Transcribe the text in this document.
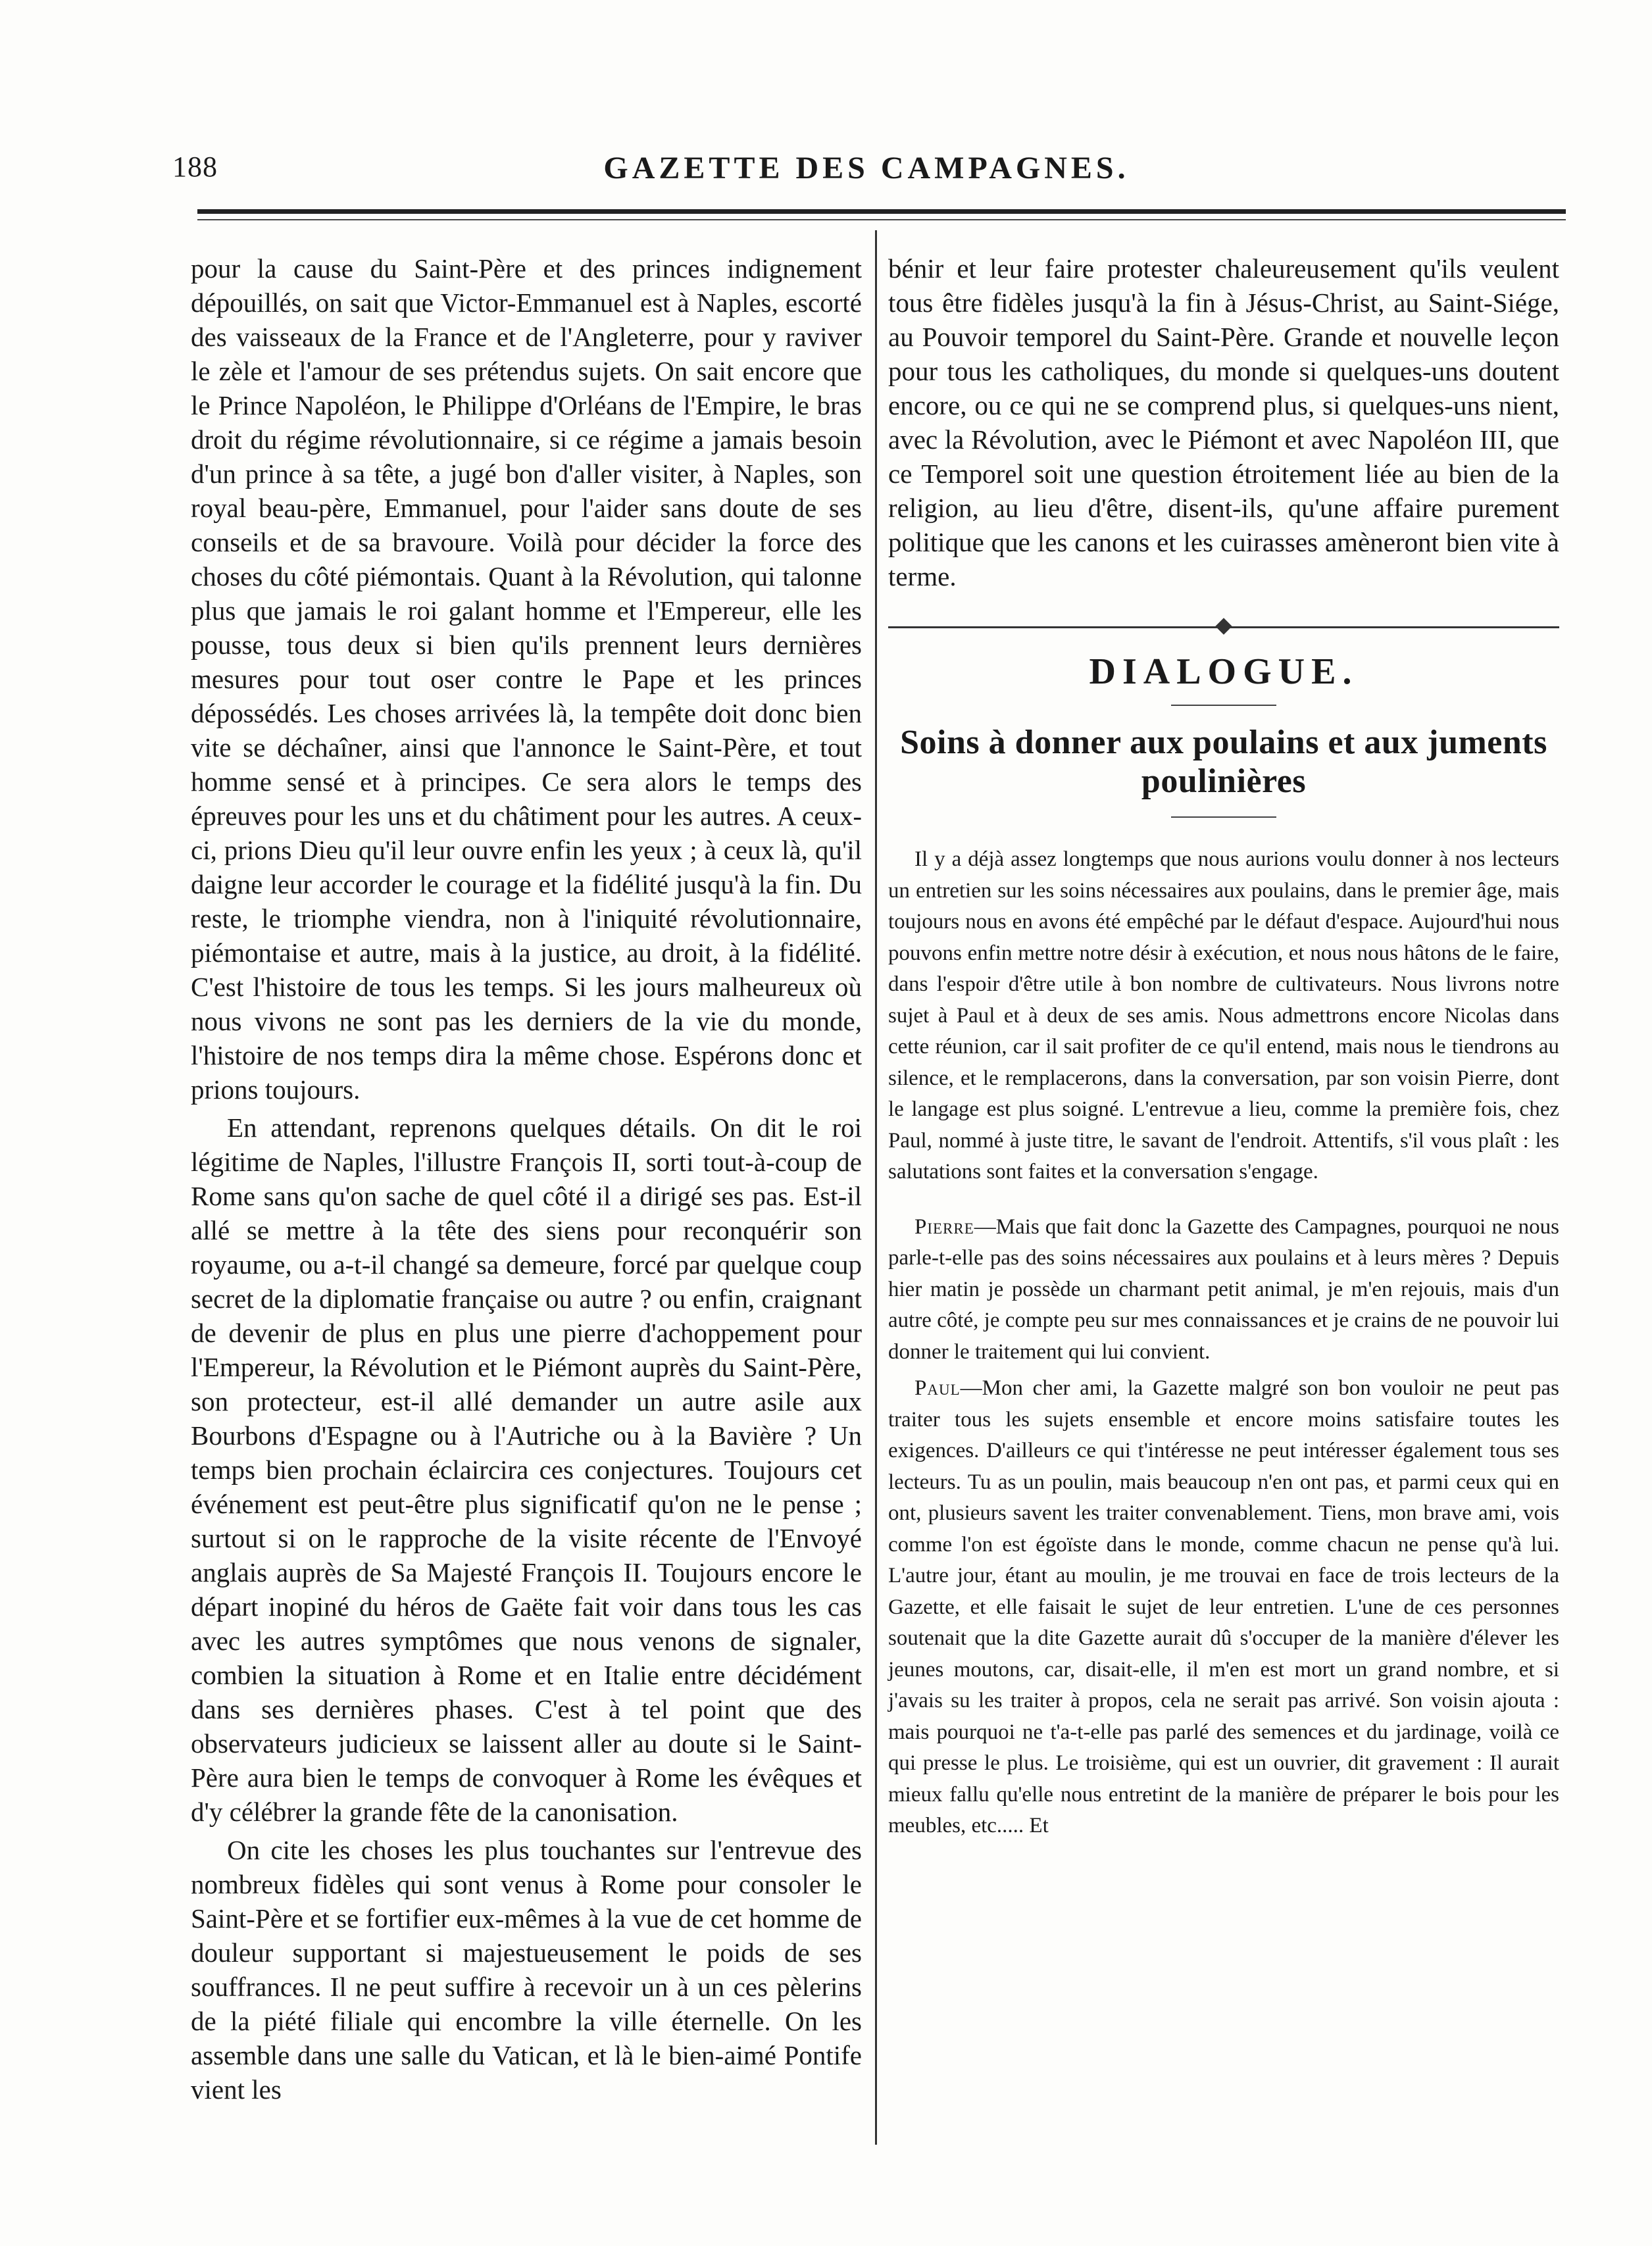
188	GAZETTE DES CAMPAGNES.

pour la cause du Saint-Père et des princes indignement dépouillés, on sait que Victor-Emmanuel est à Naples, escorté des vaisseaux de la France et de l'Angleterre, pour y raviver le zèle et l'amour de ses prétendus sujets. On sait encore que le Prince Napoléon, le Philippe d'Orléans de l'Empire, le bras droit du régime révolutionnaire, si ce régime a jamais besoin d'un prince à sa tête, a jugé bon d'aller visiter, à Naples, son royal beau-père, Emmanuel, pour l'aider sans doute de ses conseils et de sa bravoure. Voilà pour décider la force des choses du côté piémontais. Quant à la Révolution, qui talonne plus que jamais le roi galant homme et l'Empereur, elle les pousse, tous deux si bien qu'ils prennent leurs dernières mesures pour tout oser contre le Pape et les princes dépossédés. Les choses arrivées là, la tempête doit donc bien vite se déchaîner, ainsi que l'annonce le Saint-Père, et tout homme sensé et à principes. Ce sera alors le temps des épreuves pour les uns et du châtiment pour les autres. A ceux-ci, prions Dieu qu'il leur ouvre enfin les yeux ; à ceux là, qu'il daigne leur accorder le courage et la fidélité jusqu'à la fin. Du reste, le triomphe viendra, non à l'iniquité révolutionnaire, piémontaise et autre, mais à la justice, au droit, à la fidélité. C'est l'histoire de tous les temps. Si les jours malheureux où nous vivons ne sont pas les derniers de la vie du monde, l'histoire de nos temps dira la même chose. Espérons donc et prions toujours.

En attendant, reprenons quelques détails. On dit le roi légitime de Naples, l'illustre François II, sorti tout-à-coup de Rome sans qu'on sache de quel côté il a dirigé ses pas. Est-il allé se mettre à la tête des siens pour reconquérir son royaume, ou a-t-il changé sa demeure, forcé par quelque coup secret de la diplomatie française ou autre ? ou enfin, craignant de devenir de plus en plus une pierre d'achoppement pour l'Empereur, la Révolution et le Piémont auprès du Saint-Père, son protecteur, est-il allé demander un autre asile aux Bourbons d'Espagne ou à l'Autriche ou à la Bavière ? Un temps bien prochain éclaircira ces conjectures. Toujours cet événement est peut-être plus significatif qu'on ne le pense ; surtout si on le rapproche de la visite récente de l'Envoyé anglais auprès de Sa Majesté François II. Toujours encore le départ inopiné du héros de Gaëte fait voir dans tous les cas avec les autres symptômes que nous venons de signaler, combien la situation à Rome et en Italie entre décidément dans ses dernières phases. C'est à tel point que des observateurs judicieux se laissent aller au doute si le Saint-Père aura bien le temps de convoquer à Rome les évêques et d'y célébrer la grande fête de la canonisation.

On cite les choses les plus touchantes sur l'entrevue des nombreux fidèles qui sont venus à Rome pour consoler le Saint-Père et se fortifier eux-mêmes à la vue de cet homme de douleur supportant si majestueusement le poids de ses souffrances. Il ne peut suffire à recevoir un à un ces pèlerins de la piété filiale qui encombre la ville éternelle. On les assemble dans une salle du Vatican, et là le bien-aimé Pontife vient les

bénir et leur faire protester chaleureusement qu'ils veulent tous être fidèles jusqu'à la fin à Jésus-Christ, au Saint-Siége, au Pouvoir temporel du Saint-Père. Grande et nouvelle leçon pour tous les catholiques, du monde si quelques-uns doutent encore, ou ce qui ne se comprend plus, si quelques-uns nient, avec la Révolution, avec le Piémont et avec Napoléon III, que ce Temporel soit une question étroitement liée au bien de la religion, au lieu d'être, disent-ils, qu'une affaire purement politique que les canons et les cuirasses amèneront bien vite à terme.

DIALOGUE.
Soins à donner aux poulains et aux juments poulinières

Il y a déjà assez longtemps que nous aurions voulu donner à nos lecteurs un entretien sur les soins nécessaires aux poulains, dans le premier âge, mais toujours nous en avons été empêché par le défaut d'espace. Aujourd'hui nous pouvons enfin mettre notre désir à exécution, et nous nous hâtons de le faire, dans l'espoir d'être utile à bon nombre de cultivateurs. Nous livrons notre sujet à Paul et à deux de ses amis. Nous admettrons encore Nicolas dans cette réunion, car il sait profiter de ce qu'il entend, mais nous le tiendrons au silence, et le remplacerons, dans la conversation, par son voisin Pierre, dont le langage est plus soigné. L'entrevue a lieu, comme la première fois, chez Paul, nommé à juste titre, le savant de l'endroit. Attentifs, s'il vous plaît : les salutations sont faites et la conversation s'engage.

Pierre—Mais que fait donc la Gazette des Campagnes, pourquoi ne nous parle-t-elle pas des soins nécessaires aux poulains et à leurs mères ? Depuis hier matin je possède un charmant petit animal, je m'en rejouis, mais d'un autre côté, je compte peu sur mes connaissances et je crains de ne pouvoir lui donner le traitement qui lui convient.

Paul—Mon cher ami, la Gazette malgré son bon vouloir ne peut pas traiter tous les sujets ensemble et encore moins satisfaire toutes les exigences. D'ailleurs ce qui t'intéresse ne peut intéresser également tous ses lecteurs. Tu as un poulin, mais beaucoup n'en ont pas, et parmi ceux qui en ont, plusieurs savent les traiter convenablement. Tiens, mon brave ami, vois comme l'on est égoïste dans le monde, comme chacun ne pense qu'à lui. L'autre jour, étant au moulin, je me trouvai en face de trois lecteurs de la Gazette, et elle faisait le sujet de leur entretien. L'une de ces personnes soutenait que la dite Gazette aurait dû s'occuper de la manière d'élever les jeunes moutons, car, disait-elle, il m'en est mort un grand nombre, et si j'avais su les traiter à propos, cela ne serait pas arrivé. Son voisin ajouta : mais pourquoi ne t'a-t-elle pas parlé des semences et du jardinage, voilà ce qui presse le plus. Le troisième, qui est un ouvrier, dit gravement : Il aurait mieux fallu qu'elle nous entretint de la manière de préparer le bois pour les meubles, etc..... Et
